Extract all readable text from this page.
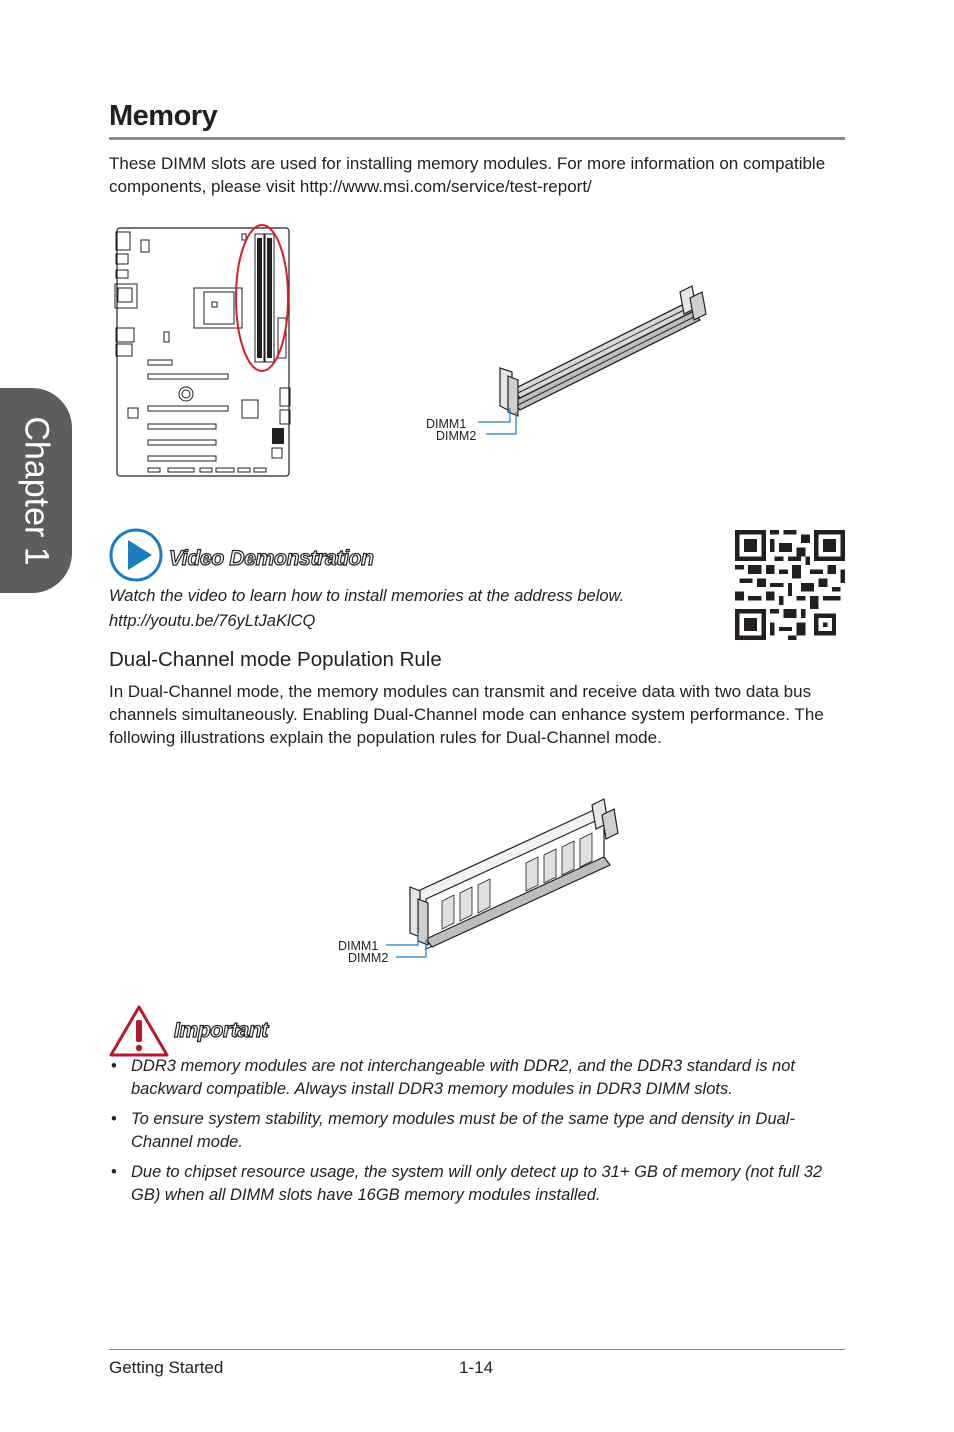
Chapter 1
Memory
These DIMM slots are used for installing memory modules. For more information on compatible components, please visit http://www.msi.com/service/test-report/
DIMM1
DIMM2
Video Demonstration
Watch the video to learn how to install memories at the address below.
http://youtu.be/76yLtJaKlCQ
Dual-Channel mode Population Rule
In Dual-Channel mode, the memory modules can transmit and receive data with two data bus channels simultaneously. Enabling Dual-Channel mode can enhance system performance. The following illustrations explain the population rules for Dual-Channel mode.
DIMM1
DIMM2
Important
• DDR3 memory modules are not interchangeable with DDR2, and the DDR3 standard is not backward compatible. Always install DDR3 memory modules in DDR3 DIMM slots.
• To ensure system stability, memory modules must be of the same type and density in Dual-Channel mode.
• Due to chipset resource usage, the system will only detect up to 31+ GB of memory (not full 32 GB) when all DIMM slots have 16GB memory modules installed.
Getting Started	1-14
